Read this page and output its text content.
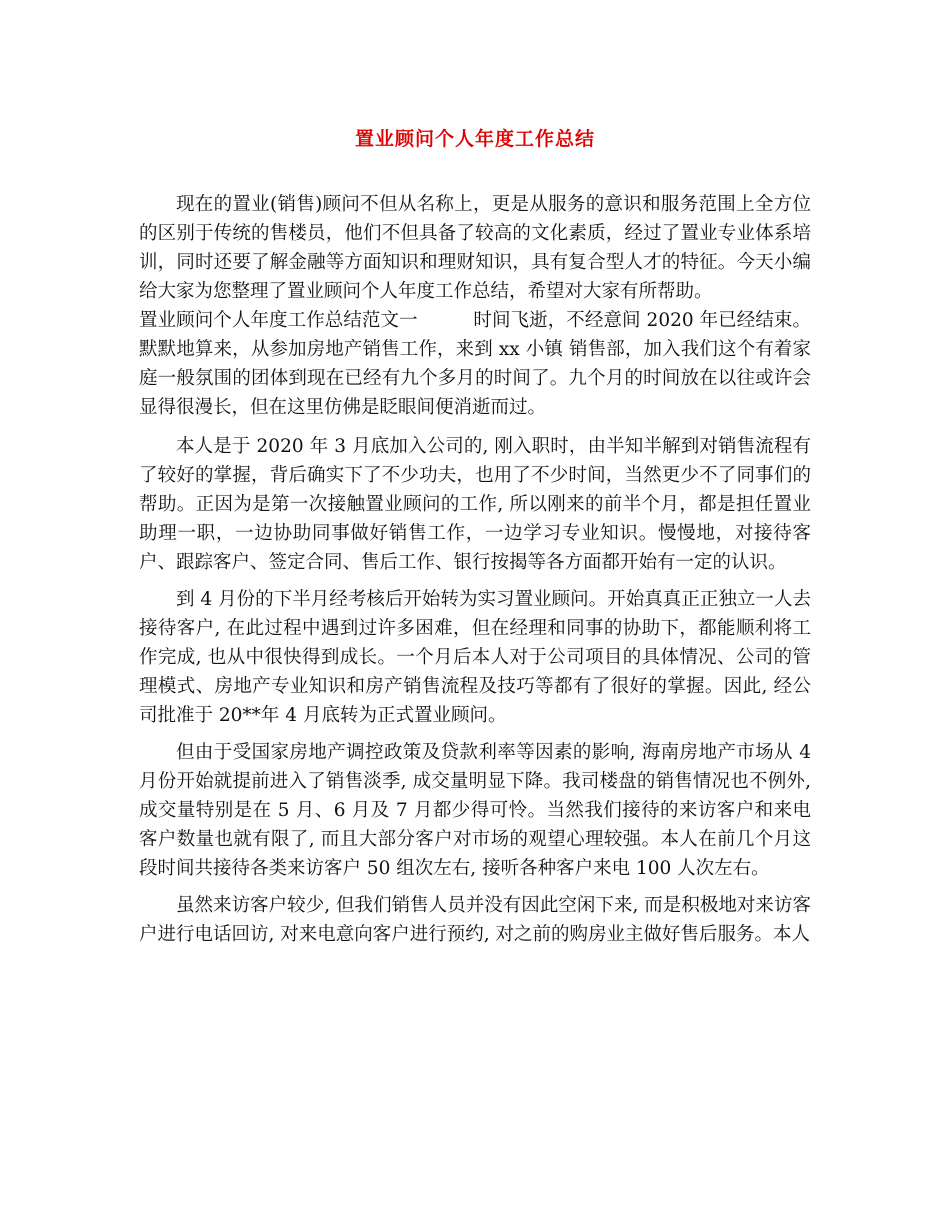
置业顾问个人年度工作总结

现在的置业(销售)顾问不但从名称上，更是从服务的意识和服务范围上全方位的区别于传统的售楼员，他们不但具备了较高的文化素质，经过了置业专业体系培训，同时还要了解金融等方面知识和理财知识，具有复合型人才的特征。今天小编给大家为您整理了置业顾问个人年度工作总结，希望对大家有所帮助。

置业顾问个人年度工作总结范文一　　　时间飞逝，不经意间 2020 年已经结束。默默地算来，从参加房地产销售工作，来到 xx 小镇 销售部，加入我们这个有着家庭一般氛围的团体到现在已经有九个多月的时间了。九个月的时间放在以往或许会显得很漫长，但在这里仿佛是眨眼间便消逝而过。

本人是于 2020 年 3 月底加入公司的, 刚入职时，由半知半解到对销售流程有了较好的掌握，背后确实下了不少功夫，也用了不少时间，当然更少不了同事们的帮助。正因为是第一次接触置业顾问的工作, 所以刚来的前半个月，都是担任置业助理一职，一边协助同事做好销售工作，一边学习专业知识。慢慢地，对接待客户、跟踪客户、签定合同、售后工作、银行按揭等各方面都开始有一定的认识。

到 4 月份的下半月经考核后开始转为实习置业顾问。开始真真正正独立一人去接待客户, 在此过程中遇到过许多困难，但在经理和同事的协助下，都能顺利将工作完成, 也从中很快得到成长。一个月后本人对于公司项目的具体情况、公司的管理模式、房地产专业知识和房产销售流程及技巧等都有了很好的掌握。因此, 经公司批准于 20**年 4 月底转为正式置业顾问。

但由于受国家房地产调控政策及贷款利率等因素的影响, 海南房地产市场从 4 月份开始就提前进入了销售淡季, 成交量明显下降。我司楼盘的销售情况也不例外, 成交量特别是在 5 月、6 月及 7 月都少得可怜。当然我们接待的来访客户和来电客户数量也就有限了, 而且大部分客户对市场的观望心理较强。本人在前几个月这段时间共接待各类来访客户 50 组次左右, 接听各种客户来电 100 人次左右。

虽然来访客户较少, 但我们销售人员并没有因此空闲下来, 而是积极地对来访客户进行电话回访, 对来电意向客户进行预约, 对之前的购房业主做好售后服务。本人
